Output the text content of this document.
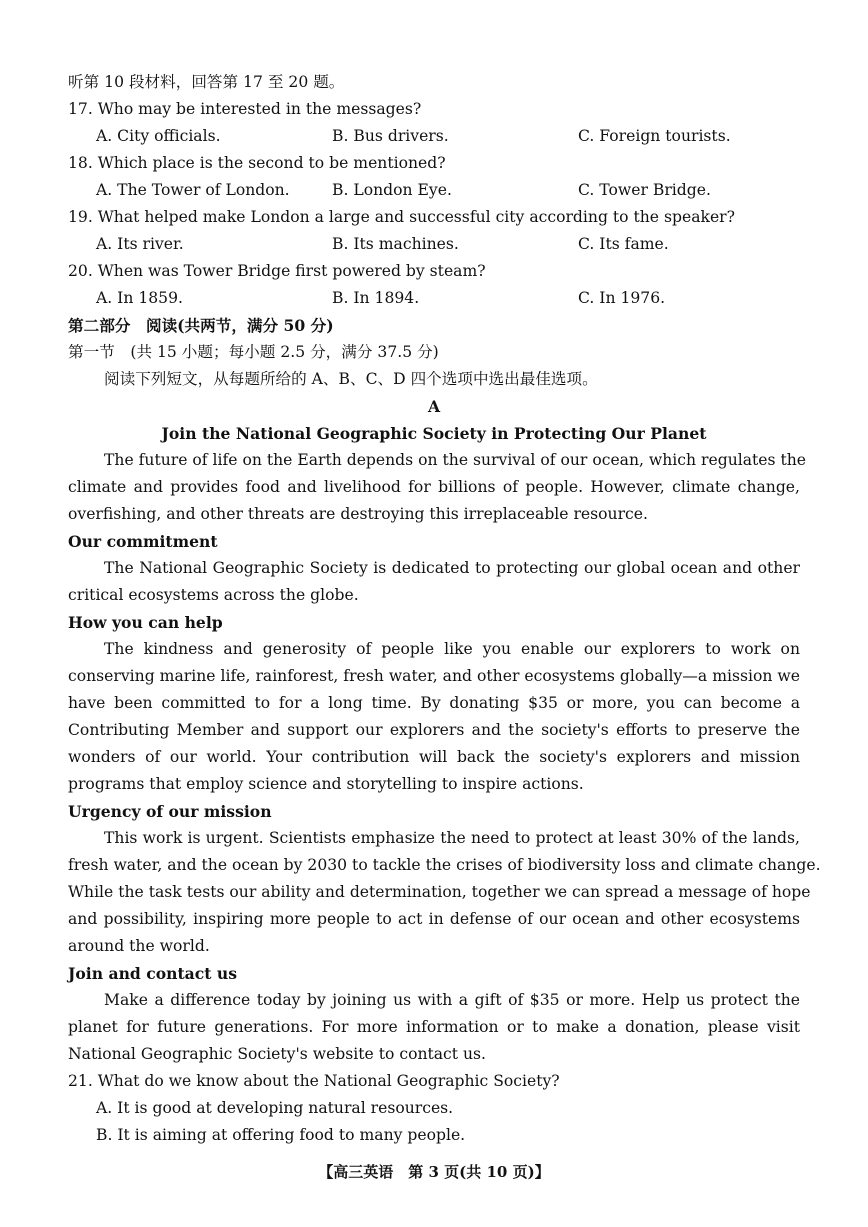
听第 10 段材料，回答第 17 至 20 题。
17. Who may be interested in the messages?
A. City officials.	B. Bus drivers.	C. Foreign tourists.
18. Which place is the second to be mentioned?
A. The Tower of London.	B. London Eye.	C. Tower Bridge.
19. What helped make London a large and successful city according to the speaker?
A. Its river.	B. Its machines.	C. Its fame.
20. When was Tower Bridge first powered by steam?
A. In 1859.	B. In 1894.	C. In 1976.
第二部分　阅读(共两节，满分 50 分)
第一节　(共 15 小题；每小题 2.5 分，满分 37.5 分)
阅读下列短文，从每题所给的 A、B、C、D 四个选项中选出最佳选项。
A
Join the National Geographic Society in Protecting Our Planet
The future of life on the Earth depends on the survival of our ocean, which regulates the
climate and provides food and livelihood for billions of people. However, climate change,
overfishing, and other threats are destroying this irreplaceable resource.
Our commitment
The National Geographic Society is dedicated to protecting our global ocean and other
critical ecosystems across the globe.
How you can help
The kindness and generosity of people like you enable our explorers to work on
conserving marine life, rainforest, fresh water, and other ecosystems globally—a mission we
have been committed to for a long time. By donating $35 or more, you can become a
Contributing Member and support our explorers and the society's efforts to preserve the
wonders of our world. Your contribution will back the society's explorers and mission
programs that employ science and storytelling to inspire actions.
Urgency of our mission
This work is urgent. Scientists emphasize the need to protect at least 30% of the lands,
fresh water, and the ocean by 2030 to tackle the crises of biodiversity loss and climate change.
While the task tests our ability and determination, together we can spread a message of hope
and possibility, inspiring more people to act in defense of our ocean and other ecosystems
around the world.
Join and contact us
Make a difference today by joining us with a gift of $35 or more. Help us protect the
planet for future generations. For more information or to make a donation, please visit
National Geographic Society's website to contact us.
21. What do we know about the National Geographic Society?
A. It is good at developing natural resources.
B. It is aiming at offering food to many people.
【高三英语　第 3 页(共 10 页)】
